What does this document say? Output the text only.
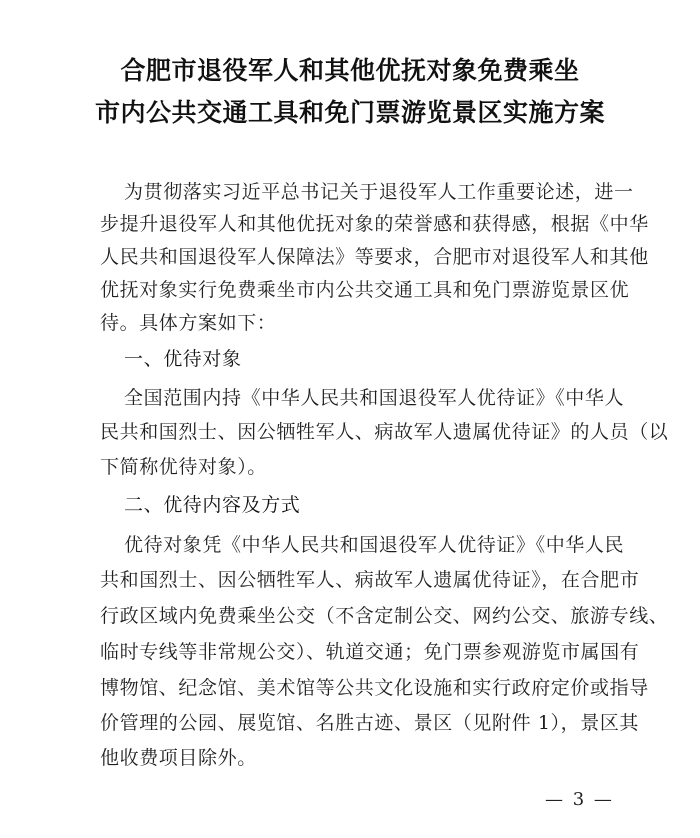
合肥市退役军人和其他优抚对象免费乘坐
市内公共交通工具和免门票游览景区实施方案
为贯彻落实习近平总书记关于退役军人工作重要论述，进一
步提升退役军人和其他优抚对象的荣誉感和获得感，根据《中华
人民共和国退役军人保障法》等要求，合肥市对退役军人和其他
优抚对象实行免费乘坐市内公共交通工具和免门票游览景区优
待。具体方案如下：
一、优待对象
全国范围内持《中华人民共和国退役军人优待证》《中华人
民共和国烈士、因公牺牲军人、病故军人遗属优待证》的人员（以
下简称优待对象）。
二、优待内容及方式
优待对象凭《中华人民共和国退役军人优待证》《中华人民
共和国烈士、因公牺牲军人、病故军人遗属优待证》，在合肥市
行政区域内免费乘坐公交（不含定制公交、网约公交、旅游专线、
临时专线等非常规公交）、轨道交通；免门票参观游览市属国有
博物馆、纪念馆、美术馆等公共文化设施和实行政府定价或指导
价管理的公园、展览馆、名胜古迹、景区（见附件 1），景区其
他收费项目除外。
— 3 —
